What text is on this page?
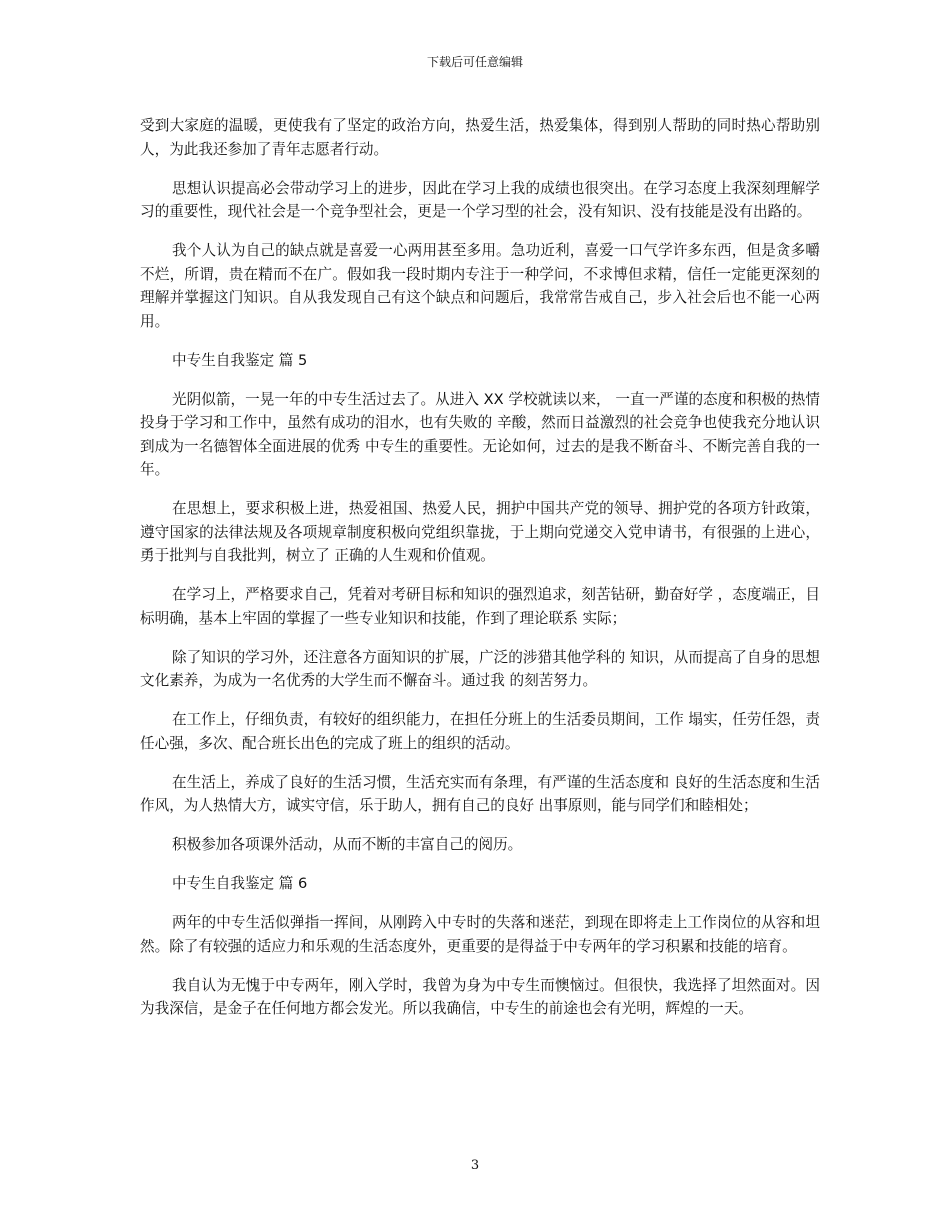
下载后可任意编辑

受到大家庭的温暖，更使我有了坚定的政治方向，热爱生活，热爱集体，得到别人帮助的同时热心帮助别人，为此我还参加了青年志愿者行动。

思想认识提高必会带动学习上的进步，因此在学习上我的成绩也很突出。在学习态度上我深刻理解学习的重要性，现代社会是一个竞争型社会，更是一个学习型的社会，没有知识、没有技能是没有出路的。

我个人认为自己的缺点就是喜爱一心两用甚至多用。急功近利，喜爱一口气学许多东西，但是贪多嚼不烂，所谓，贵在精而不在广。假如我一段时期内专注于一种学问，不求博但求精，信任一定能更深刻的理解并掌握这门知识。自从我发现自己有这个缺点和问题后，我常常告戒自己，步入社会后也不能一心两用。

中专生自我鉴定 篇 5

光阴似箭，一晃一年的中专生活过去了。从进入 XX 学校就读以来， 一直一严谨的态度和积极的热情投身于学习和工作中，虽然有成功的泪水，也有失败的 辛酸，然而日益激烈的社会竞争也使我充分地认识到成为一名德智体全面进展的优秀 中专生的重要性。无论如何，过去的是我不断奋斗、不断完善自我的一年。

在思想上，要求积极上进，热爱祖国、热爱人民，拥护中国共产党的领导、拥护党的各项方针政策，遵守国家的法律法规及各项规章制度积极向党组织靠拢，于上期向党递交入党申请书，有很强的上进心，勇于批判与自我批判，树立了 正确的人生观和价值观。

在学习上，严格要求自己，凭着对考研目标和知识的强烈追求，刻苦钻研，勤奋好学 ，态度端正，目标明确，基本上牢固的掌握了一些专业知识和技能，作到了理论联系 实际；

除了知识的学习外，还注意各方面知识的扩展，广泛的涉猎其他学科的 知识，从而提高了自身的思想文化素养，为成为一名优秀的大学生而不懈奋斗。通过我 的刻苦努力。

在工作上，仔细负责，有较好的组织能力，在担任分班上的生活委员期间，工作 塌实，任劳任怨，责任心强，多次、配合班长出色的完成了班上的组织的活动。

在生活上，养成了良好的生活习惯，生活充实而有条理，有严谨的生活态度和 良好的生活态度和生活作风，为人热情大方，诚实守信，乐于助人，拥有自己的良好 出事原则，能与同学们和睦相处；

积极参加各项课外活动，从而不断的丰富自己的阅历。

中专生自我鉴定 篇 6

两年的中专生活似弹指一挥间，从刚跨入中专时的失落和迷茫，到现在即将走上工作岗位的从容和坦然。除了有较强的适应力和乐观的生活态度外，更重要的是得益于中专两年的学习积累和技能的培育。

我自认为无愧于中专两年，刚入学时，我曾为身为中专生而懊恼过。但很快，我选择了坦然面对。因为我深信，是金子在任何地方都会发光。所以我确信，中专生的前途也会有光明，辉煌的一天。

3
